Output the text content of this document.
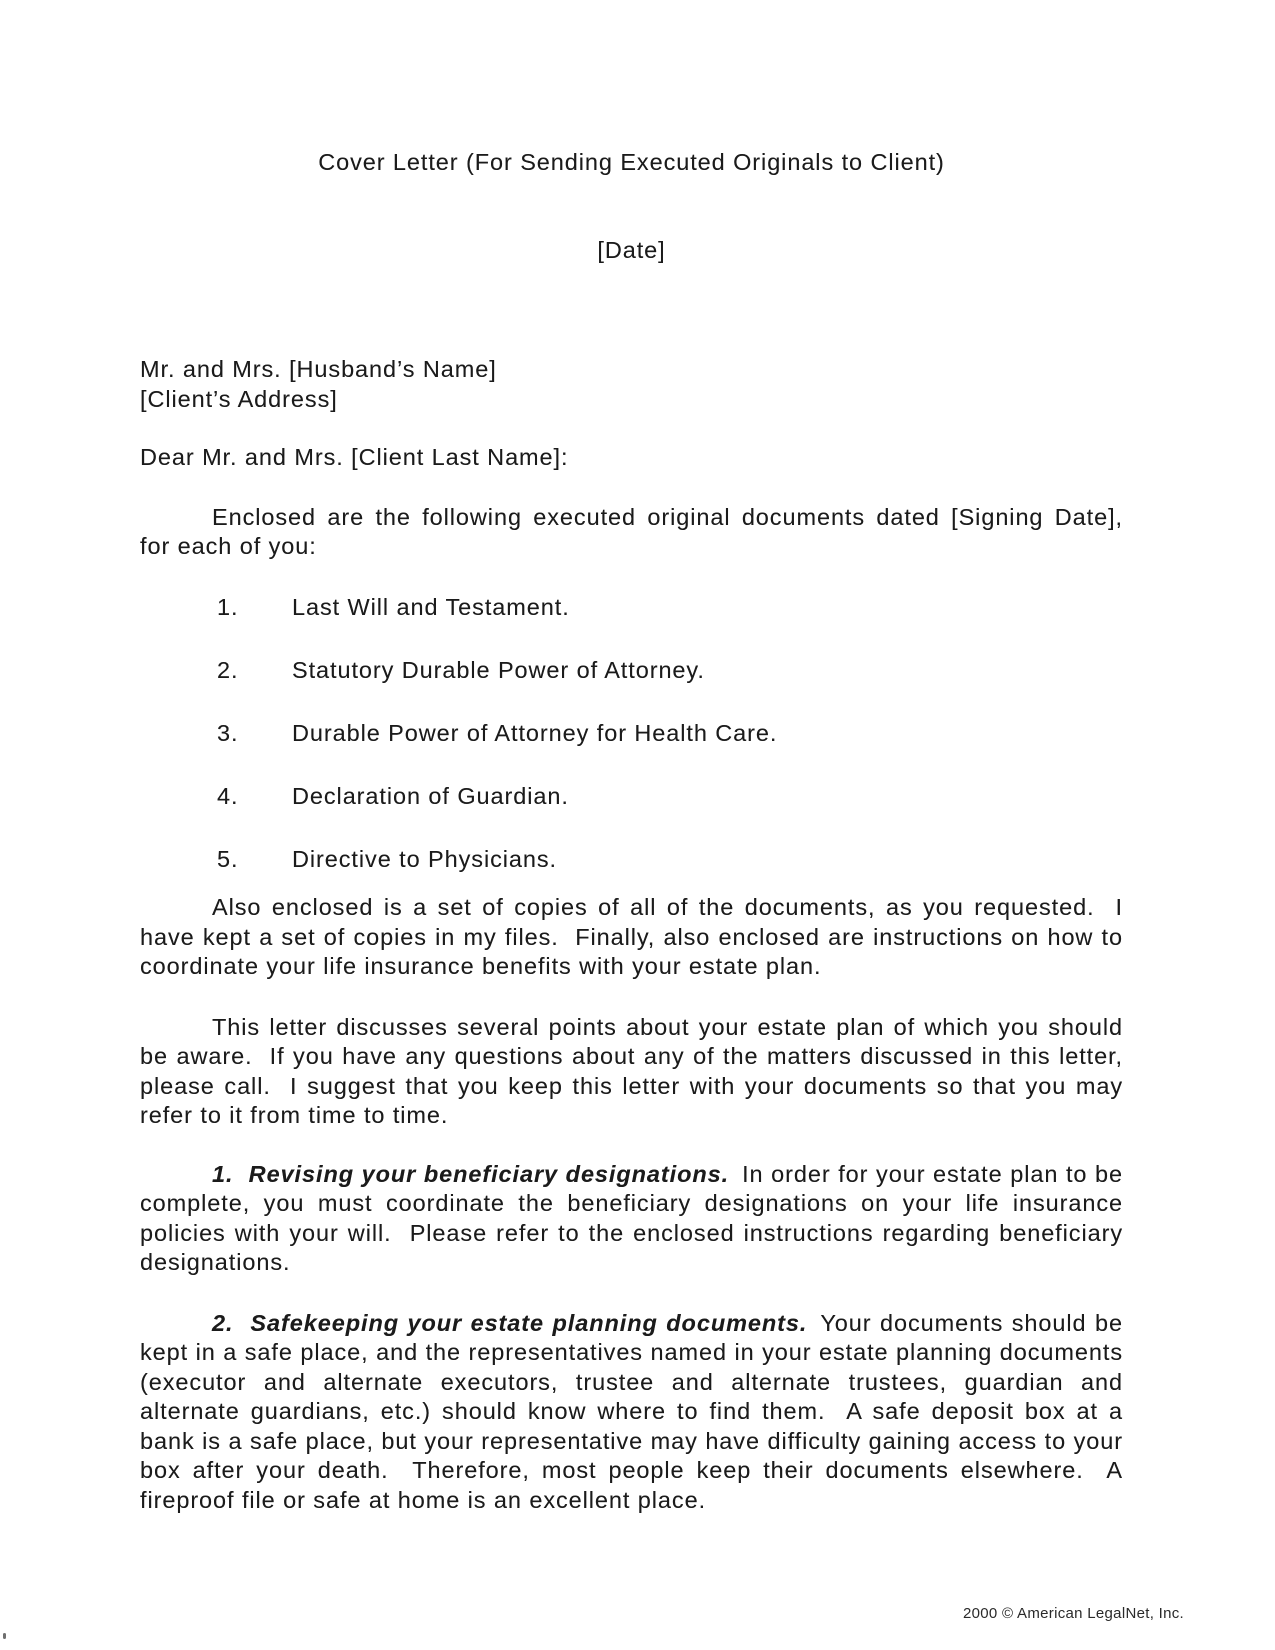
Cover Letter (For Sending Executed Originals to Client)
[Date]
Mr. and Mrs. [Husband’s Name]
[Client’s Address]
Dear Mr. and Mrs. [Client Last Name]:

Enclosed are the following executed original documents dated [Signing Date], for each of you:

1.	Last Will and Testament.
2.	Statutory Durable Power of Attorney.
3.	Durable Power of Attorney for Health Care.
4.	Declaration of Guardian.
5.	Directive to Physicians.

Also enclosed is a set of copies of all of the documents, as you requested.  I have kept a set of copies in my files.  Finally, also enclosed are instructions on how to coordinate your life insurance benefits with your estate plan.

This letter discusses several points about your estate plan of which you should be aware.  If you have any questions about any of the matters discussed in this letter, please call.  I suggest that you keep this letter with your documents so that you may refer to it from time to time.

1.  Revising your beneficiary designations. In order for your estate plan to be complete, you must coordinate the beneficiary designations on your life insurance policies with your will.  Please refer to the enclosed instructions regarding beneficiary designations.

2.  Safekeeping your estate planning documents. Your documents should be kept in a safe place, and the representatives named in your estate planning documents (executor and alternate executors, trustee and alternate trustees, guardian and alternate guardians, etc.) should know where to find them.  A safe deposit box at a bank is a safe place, but your representative may have difficulty gaining access to your box after your death.  Therefore, most people keep their documents elsewhere.  A fireproof file or safe at home is an excellent place.

2000 © American LegalNet, Inc.
